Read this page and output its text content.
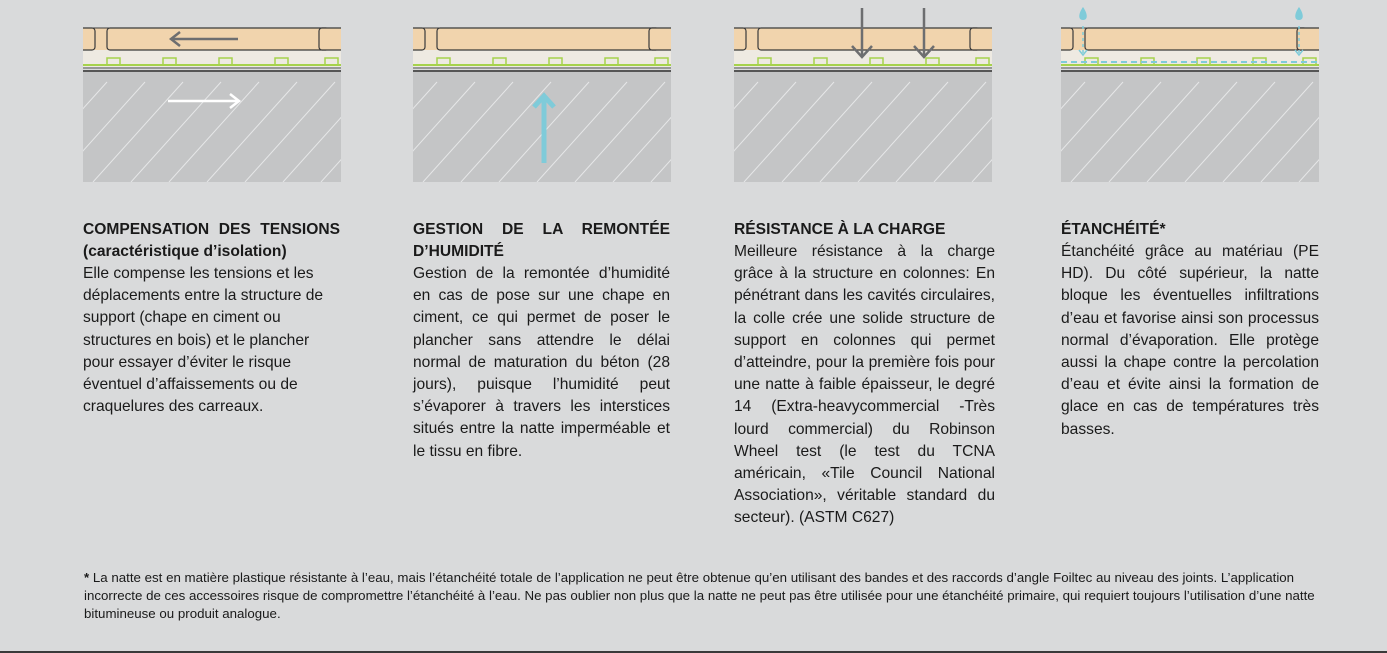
COMPENSATION DES TENSIONS (caractéristique d’isolation)

Elle compense les tensions et les déplacements entre la structure de support (chape en ciment ou structures en bois) et le plancher pour essayer d’éviter le risque éventuel d’affaissements ou de craquelures des carreaux.

GESTION DE LA REMONTÉE D’HUMIDITÉ

Gestion de la remontée d’humidité en cas de pose sur une chape en ciment, ce qui permet de poser le plancher sans attendre le délai normal de maturation du béton (28 jours), puisque l’humidité peut s’évaporer à travers les interstices situés entre la natte imperméable et le tissu en fibre.

RÉSISTANCE À LA CHARGE

Meilleure résistance à la charge grâce à la structure en colonnes: En pénétrant dans les cavités circulaires, la colle crée une solide structure de support en colonnes qui permet d’atteindre, pour la première fois pour une natte à faible épaisseur, le degré 14 (Extra-heavycommercial -Très lourd commercial) du Robinson Wheel test (le test du TCNA américain, «Tile Council National Association», véritable standard du secteur). (ASTM C627)

ÉTANCHÉITÉ*

Étanchéité grâce au matériau (PE HD). Du côté supérieur, la natte bloque les éventuelles infiltrations d’eau et favorise ainsi son processus normal d’évaporation. Elle protège aussi la chape contre la percolation d’eau et évite ainsi la formation de glace en cas de températures très basses.

* La natte est en matière plastique résistante à l’eau, mais l’étanchéité totale de l’application ne peut être obtenue qu’en utilisant des bandes et des raccords d’angle Foiltec au niveau des joints. L’application incorrecte de ces accessoires risque de compromettre l’étanchéité à l’eau. Ne pas oublier non plus que la natte ne peut pas être utilisée pour une étanchéité primaire, qui requiert toujours l’utilisation d’une natte bitumineuse ou produit analogue.
